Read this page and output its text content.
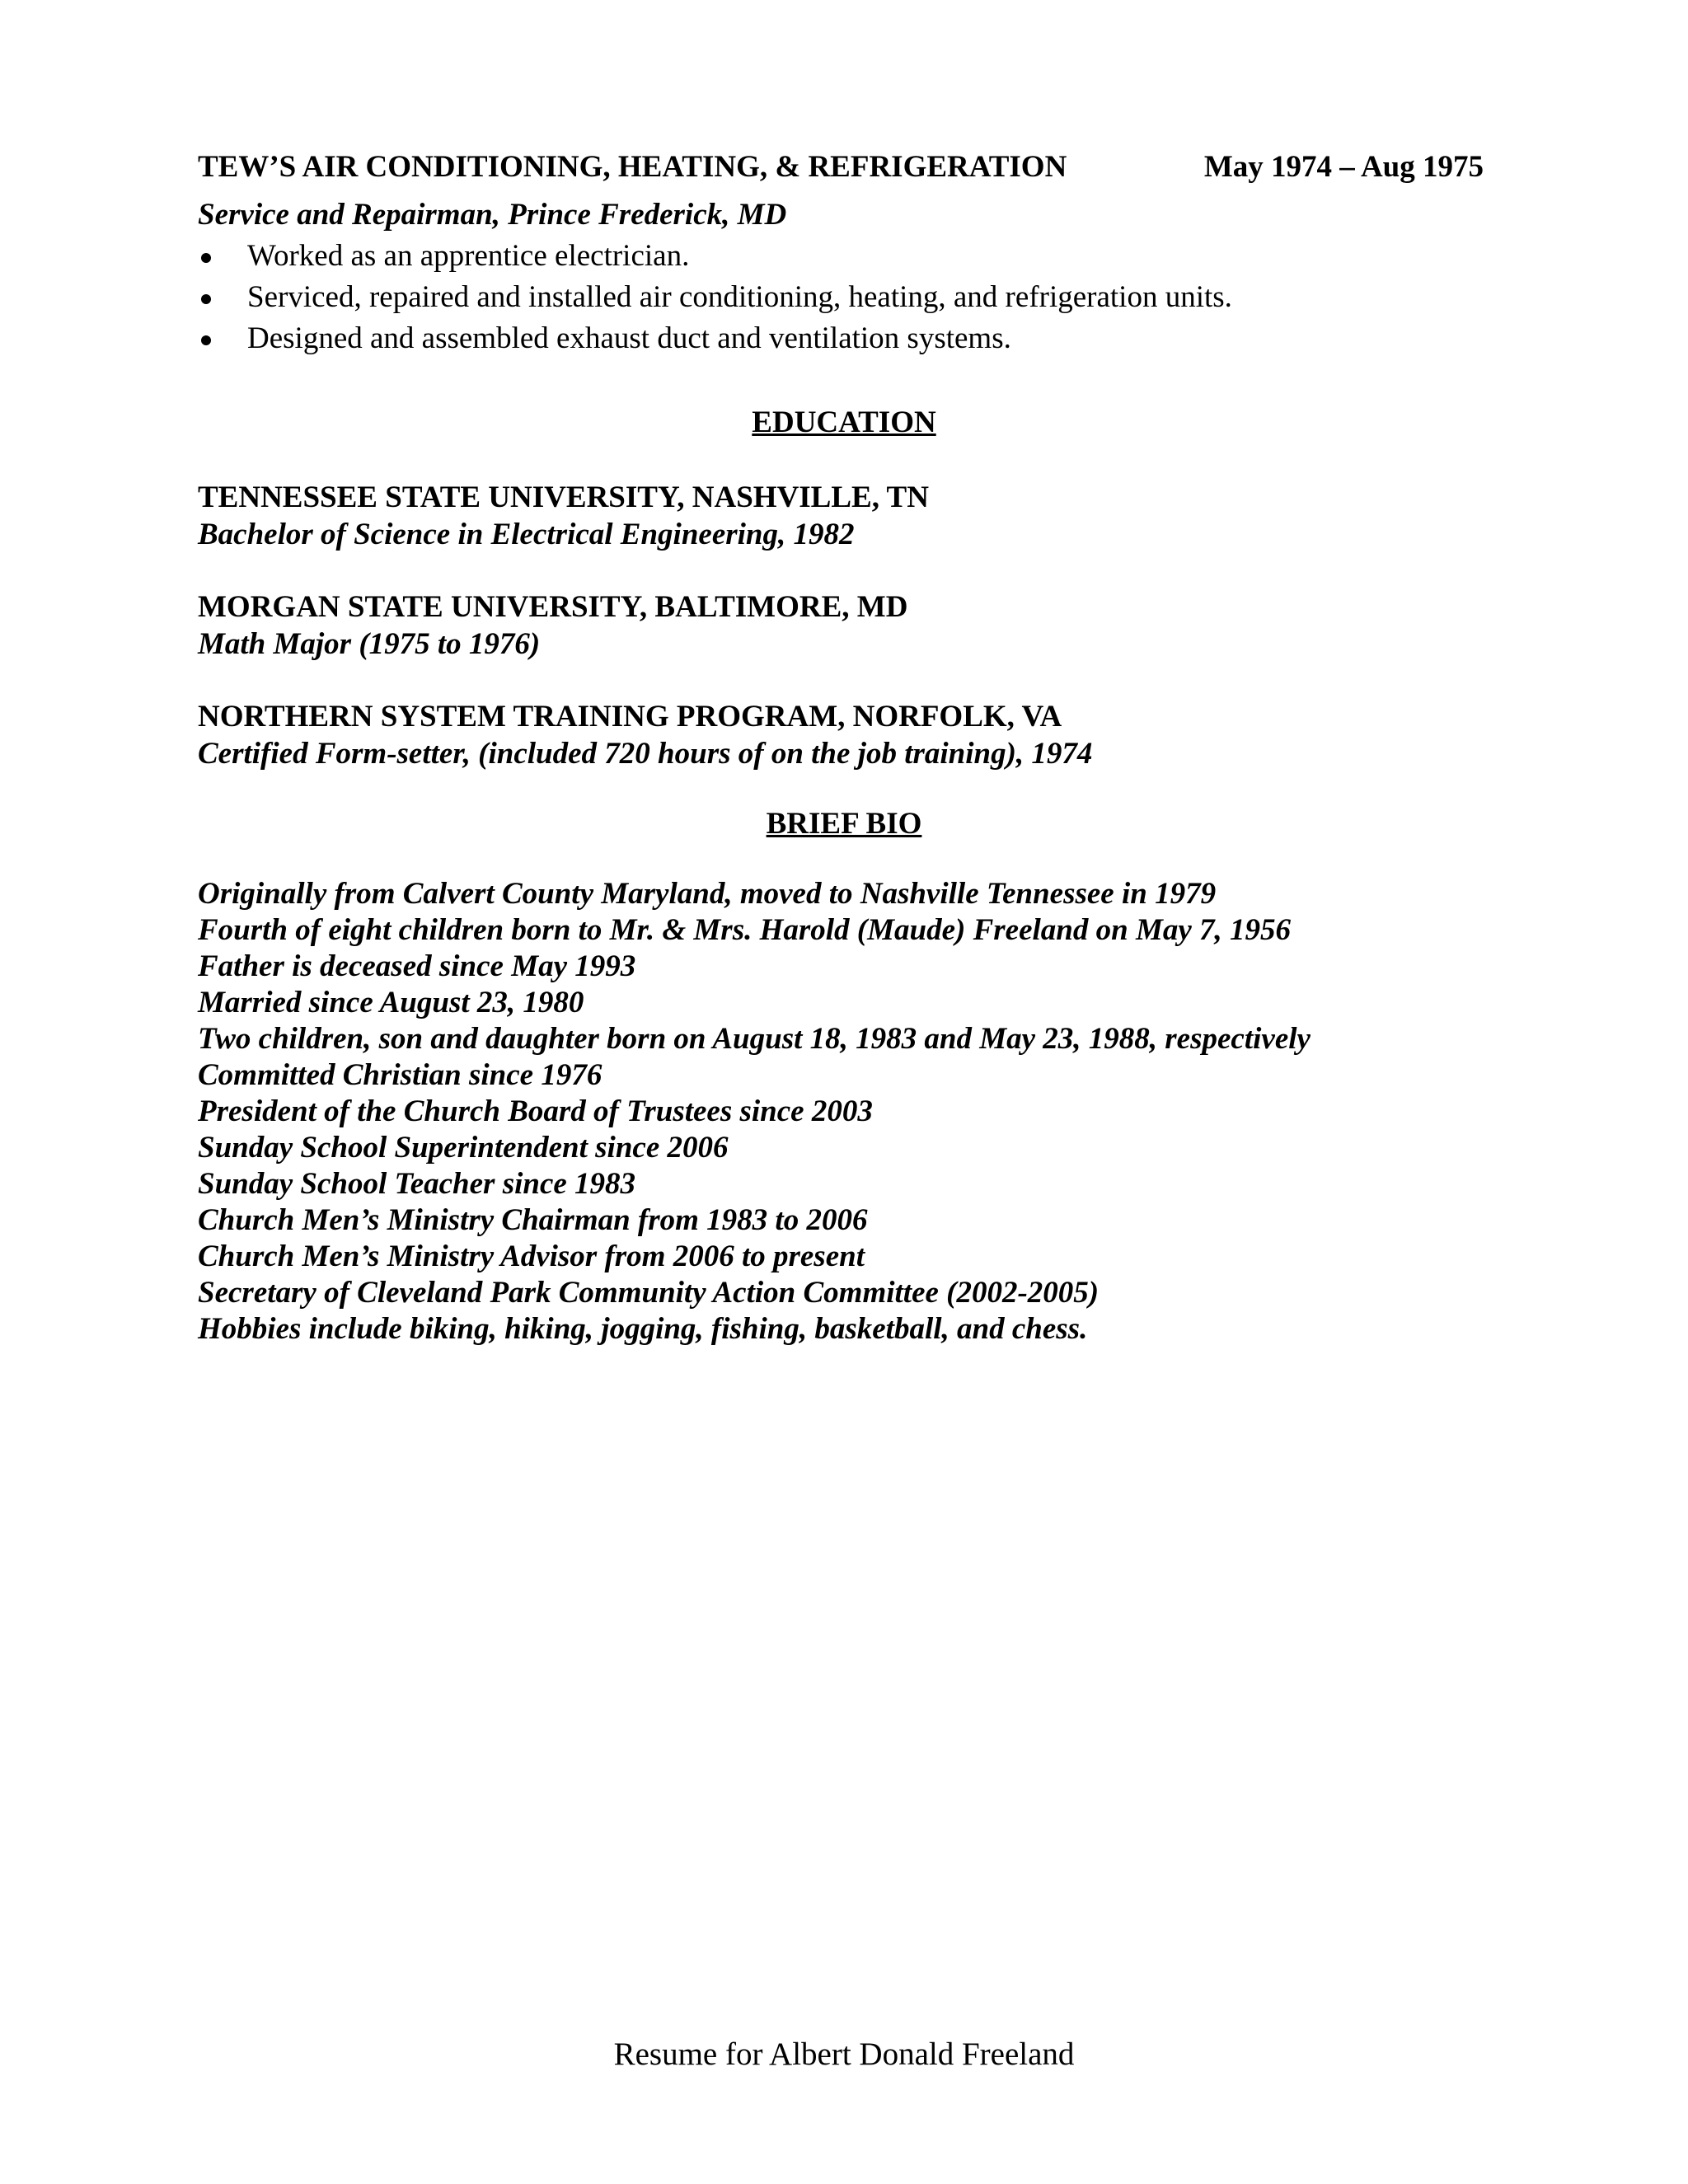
TEW’S AIR CONDITIONING, HEATING, & REFRIGERATION	May 1974 – Aug 1975
Service and Repairman, Prince Frederick, MD
Worked as an apprentice electrician.
Serviced, repaired and installed air conditioning, heating, and refrigeration units.
Designed and assembled exhaust duct and ventilation systems.
EDUCATION
TENNESSEE STATE UNIVERSITY, NASHVILLE, TN
Bachelor of Science in Electrical Engineering, 1982
MORGAN STATE UNIVERSITY, BALTIMORE, MD
Math Major (1975 to 1976)
NORTHERN SYSTEM TRAINING PROGRAM, NORFOLK, VA
Certified Form-setter, (included 720 hours of on the job training), 1974
BRIEF BIO
Originally from Calvert County Maryland, moved to Nashville Tennessee in 1979
Fourth of eight children born to Mr. & Mrs. Harold (Maude) Freeland on May 7, 1956
Father is deceased since May 1993
Married since August 23, 1980
Two children, son and daughter born on August 18, 1983 and May 23, 1988, respectively
Committed Christian since 1976
President of the Church Board of Trustees since 2003
Sunday School Superintendent since 2006
Sunday School Teacher since 1983
Church Men’s Ministry Chairman from 1983 to 2006
Church Men’s Ministry Advisor from 2006 to present
Secretary of Cleveland Park Community Action Committee (2002-2005)
Hobbies include biking, hiking, jogging, fishing, basketball, and chess.
Resume for Albert Donald Freeland
